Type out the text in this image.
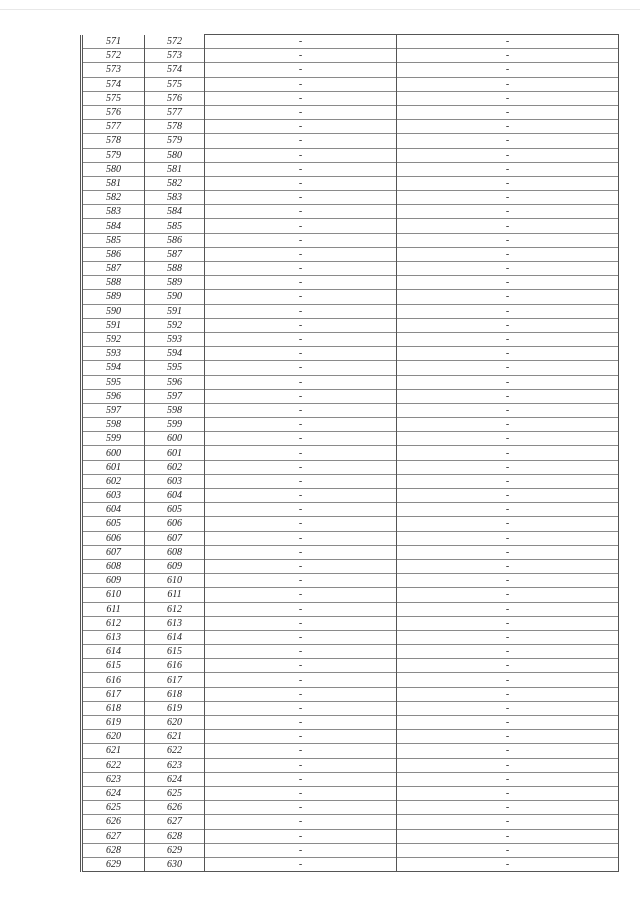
571	572	-	-
572	573	-	-
573	574	-	-
574	575	-	-
575	576	-	-
576	577	-	-
577	578	-	-
578	579	-	-
579	580	-	-
580	581	-	-
581	582	-	-
582	583	-	-
583	584	-	-
584	585	-	-
585	586	-	-
586	587	-	-
587	588	-	-
588	589	-	-
589	590	-	-
590	591	-	-
591	592	-	-
592	593	-	-
593	594	-	-
594	595	-	-
595	596	-	-
596	597	-	-
597	598	-	-
598	599	-	-
599	600	-	-
600	601	-	-
601	602	-	-
602	603	-	-
603	604	-	-
604	605	-	-
605	606	-	-
606	607	-	-
607	608	-	-
608	609	-	-
609	610	-	-
610	611	-	-
611	612	-	-
612	613	-	-
613	614	-	-
614	615	-	-
615	616	-	-
616	617	-	-
617	618	-	-
618	619	-	-
619	620	-	-
620	621	-	-
621	622	-	-
622	623	-	-
623	624	-	-
624	625	-	-
625	626	-	-
626	627	-	-
627	628	-	-
628	629	-	-
629	630	-	-
